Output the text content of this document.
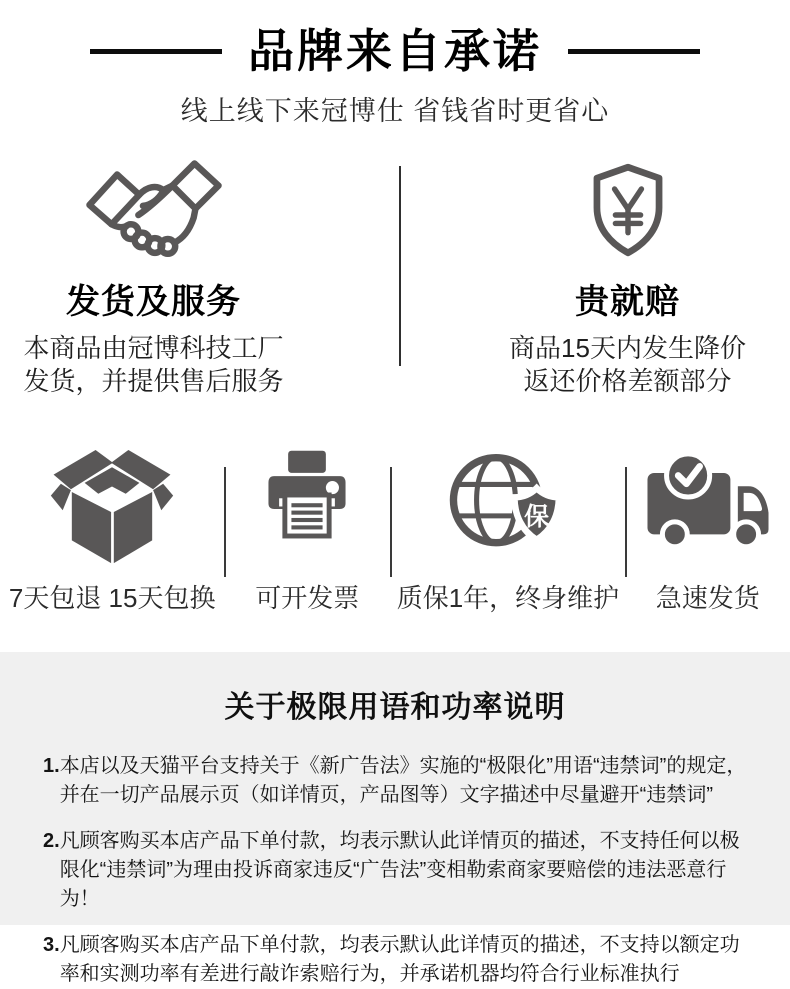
品牌来自承诺

线上线下来冠博仕 省钱省时更省心

发货及服务

本商品由冠博科技工厂

发货，并提供售后服务

贵就赔

商品15天内发生降价

返还价格差额部分

7天包退 15天包换 可开发票
保
质保1年，终身维护 急速发货
关于极限用语和功率说明
1. 本店以及天猫平台支持关于《新广告法》实施的“极限化”用语“违禁词”的规定，并在一切产品展示页（如详情页，产品图等）文字描述中尽量避开“违禁词”

2. 凡顾客购买本店产品下单付款，均表示默认此详情页的描述，不支持任何以极限化“违禁词”为理由投诉商家违反“广告法”变相勒索商家要赔偿的违法恶意行为！

3. 凡顾客购买本店产品下单付款，均表示默认此详情页的描述，不支持以额定功率和实测功率有差进行敲诈索赔行为，并承诺机器均符合行业标准执行
